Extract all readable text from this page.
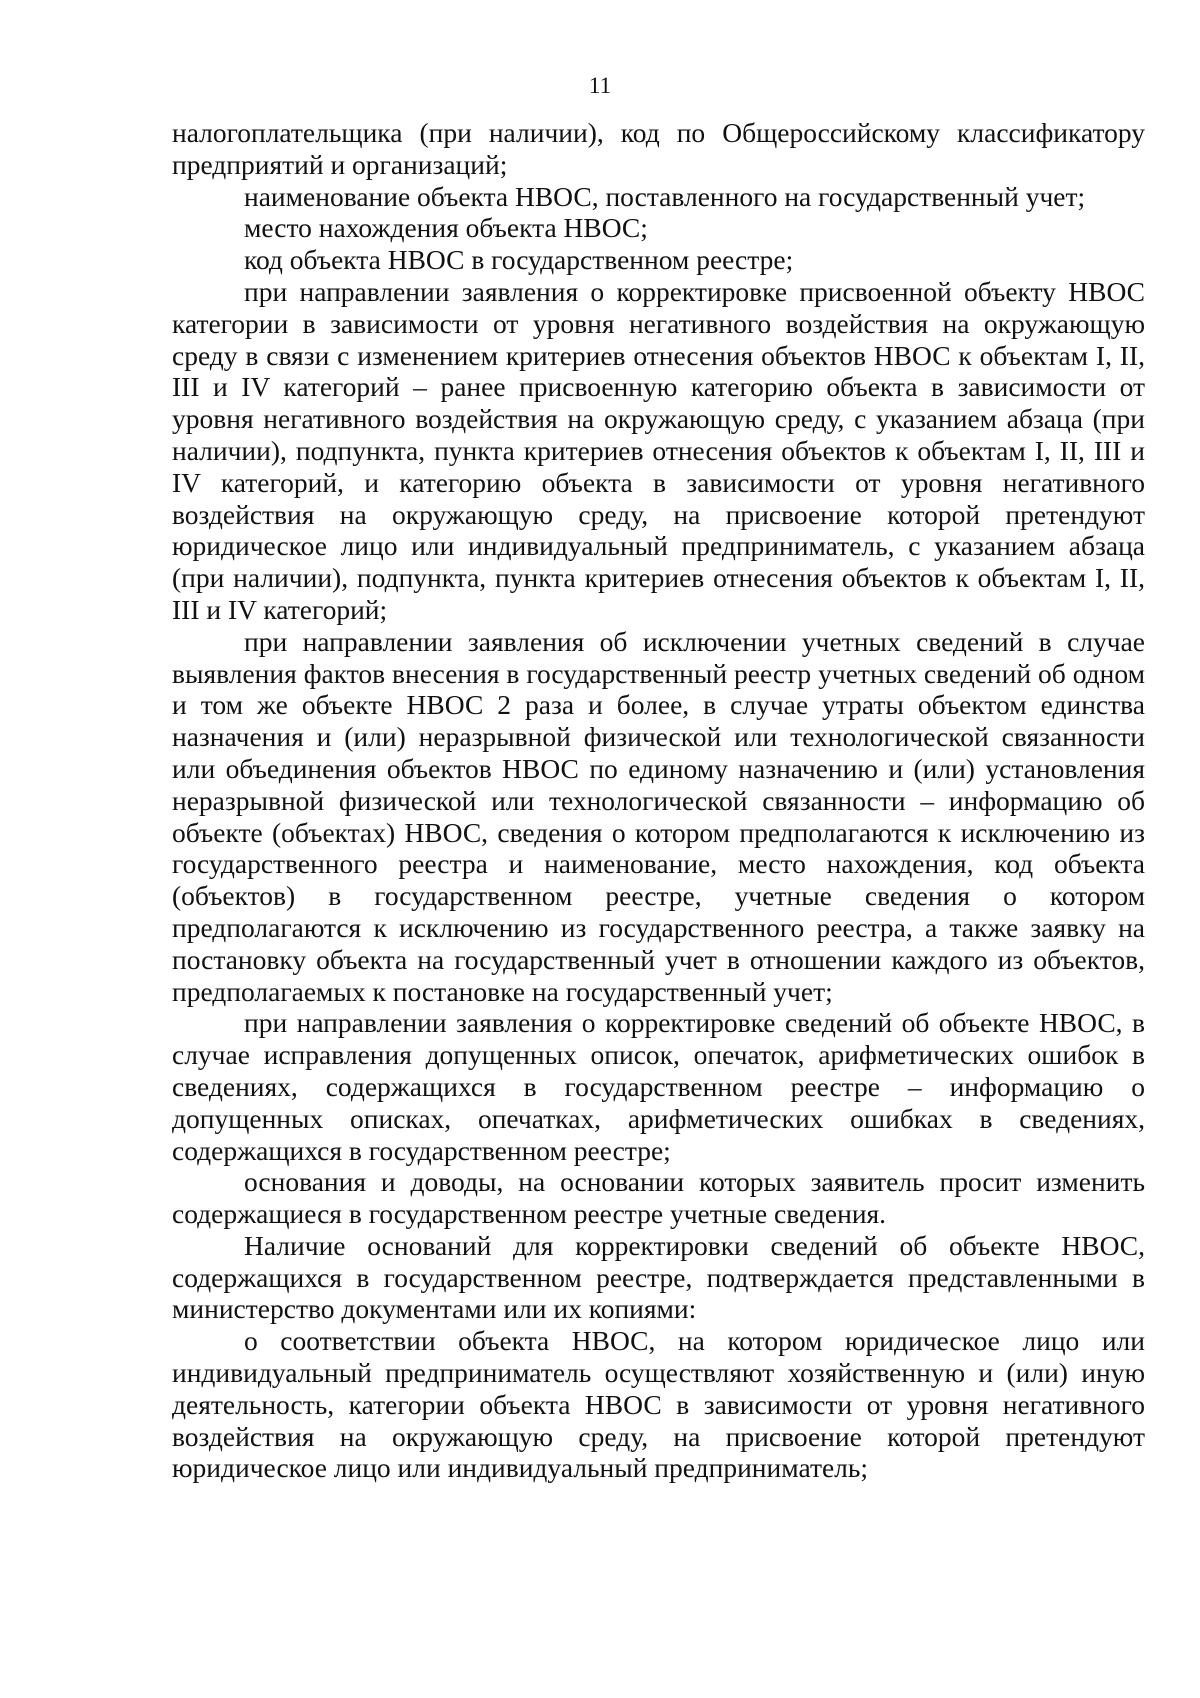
11

налогоплательщика (при наличии), код по Общероссийскому классификатору предприятий и организаций;

наименование объекта НВОС, поставленного на государственный учет;

место нахождения объекта НВОС;

код объекта НВОС в государственном реестре;

при направлении заявления о корректировке присвоенной объекту НВОС категории в зависимости от уровня негативного воздействия на окружающую среду в связи с изменением критериев отнесения объектов НВОС к объектам I, II, III и IV категорий – ранее присвоенную категорию объекта в зависимости от уровня негативного воздействия на окружающую среду, с указанием абзаца (при наличии), подпункта, пункта критериев отнесения объектов к объектам I, II, III и IV категорий, и категорию объекта в зависимости от уровня негативного воздействия на окружающую среду, на присвоение которой претендуют юридическое лицо или индивидуальный предприниматель, с указанием абзаца (при наличии), подпункта, пункта критериев отнесения объектов к объектам I, II, III и IV категорий;

при направлении заявления об исключении учетных сведений в случае выявления фактов внесения в государственный реестр учетных сведений об одном и том же объекте НВОС 2 раза и более, в случае утраты объектом единства назначения и (или) неразрывной физической или технологической связанности или объединения объектов НВОС по единому назначению и (или) установления неразрывной физической или технологической связанности – информацию об объекте (объектах) НВОС, сведения о котором предполагаются к исключению из государственного реестра и наименование, место нахождения, код объекта (объектов) в государственном реестре, учетные сведения о котором предполагаются к исключению из государственного реестра, а также заявку на постановку объекта на государственный учет в отношении каждого из объектов, предполагаемых к постановке на государственный учет;

при направлении заявления о корректировке сведений об объекте НВОС, в случае исправления допущенных описок, опечаток, арифметических ошибок в сведениях, содержащихся в государственном реестре – информацию о допущенных описках, опечатках, арифметических ошибках в сведениях, содержащихся в государственном реестре;

основания и доводы, на основании которых заявитель просит изменить содержащиеся в государственном реестре учетные сведения.

Наличие оснований для корректировки сведений об объекте НВОС, содержащихся в государственном реестре, подтверждается представленными в министерство документами или их копиями:

о соответствии объекта НВОС, на котором юридическое лицо или индивидуальный предприниматель осуществляют хозяйственную и (или) иную деятельность, категории объекта НВОС в зависимости от уровня негативного воздействия на окружающую среду, на присвоение которой претендуют юридическое лицо или индивидуальный предприниматель;
